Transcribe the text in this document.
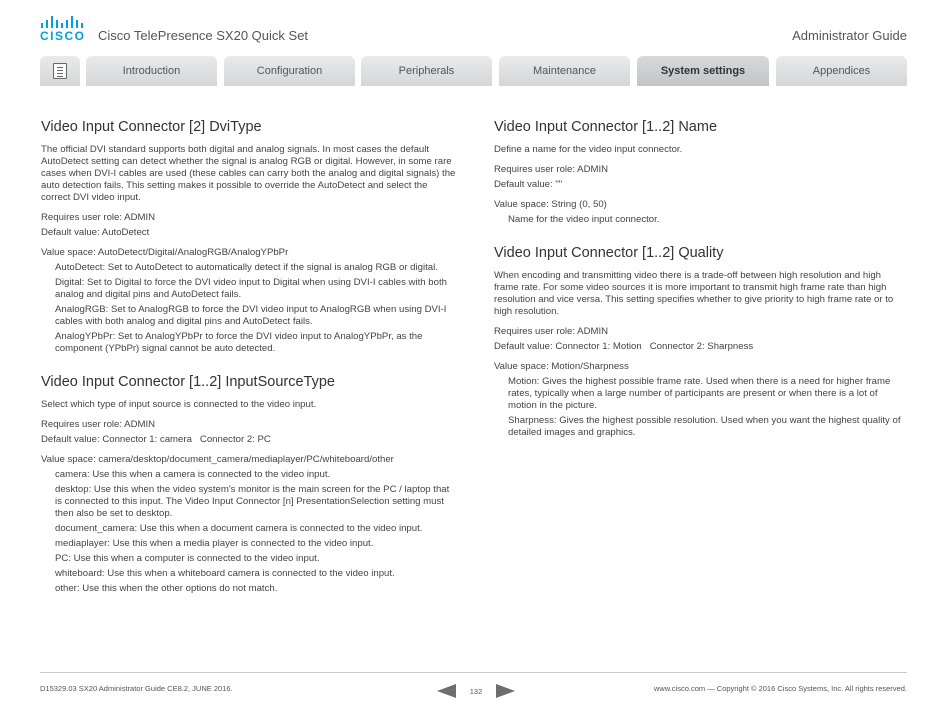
CISCO Cisco TelePresence SX20 Quick Set	Administrator Guide
Introduction	Configuration	Peripherals	Maintenance	System settings	Appendices
Video Input Connector [2] DviType

The official DVI standard supports both digital and analog signals. In most cases the default AutoDetect setting can detect whether the signal is analog RGB or digital. However, in some rare cases when DVI-I cables are used (these cables can carry both the analog and digital signals) the auto detection fails. This setting makes it possible to override the AutoDetect and select the correct DVI video input.

Requires user role: ADMIN

Default value: AutoDetect

Value space: AutoDetect/Digital/AnalogRGB/AnalogYPbPr

AutoDetect: Set to AutoDetect to automatically detect if the signal is analog RGB or digital.

Digital: Set to Digital to force the DVI video input to Digital when using DVI-I cables with both analog and digital pins and AutoDetect fails.

AnalogRGB: Set to AnalogRGB to force the DVI video input to AnalogRGB when using DVI-I cables with both analog and digital pins and AutoDetect fails.

AnalogYPbPr: Set to AnalogYPbPr to force the DVI video input to AnalogYPbPr, as the component (YPbPr) signal cannot be auto detected.

Video Input Connector [1..2] InputSourceType

Select which type of input source is connected to the video input.

Requires user role: ADMIN

Default value: Connector 1: camera   Connector 2: PC

Value space: camera/desktop/document_camera/mediaplayer/PC/whiteboard/other

camera: Use this when a camera is connected to the video input.

desktop: Use this when the video system's monitor is the main screen for the PC / laptop that is connected to this input. The Video Input Connector [n] PresentationSelection setting must then also be set to desktop.

document_camera: Use this when a document camera is connected to the video input.

mediaplayer: Use this when a media player is connected to the video input.

PC: Use this when a computer is connected to the video input.

whiteboard: Use this when a whiteboard camera is connected to the video input.

other: Use this when the other options do not match.

Video Input Connector [1..2] Name

Define a name for the video input connector.

Requires user role: ADMIN

Default value: ""

Value space: String (0, 50)

Name for the video input connector.

Video Input Connector [1..2] Quality

When encoding and transmitting video there is a trade-off between high resolution and high frame rate. For some video sources it is more important to transmit high frame rate than high resolution and vice versa. This setting specifies whether to give priority to high frame rate or to high resolution.

Requires user role: ADMIN

Default value: Connector 1: Motion   Connector 2: Sharpness

Value space: Motion/Sharpness

Motion: Gives the highest possible frame rate. Used when there is a need for higher frame rates, typically when a large number of participants are present or when there is a lot of motion in the picture.

Sharpness: Gives the highest possible resolution. Used when you want the highest quality of detailed images and graphics.

D15329.03 SX20 Administrator Guide CE8.2, JUNE 2016.	132	www.cisco.com — Copyright © 2016 Cisco Systems, Inc. All rights reserved.
